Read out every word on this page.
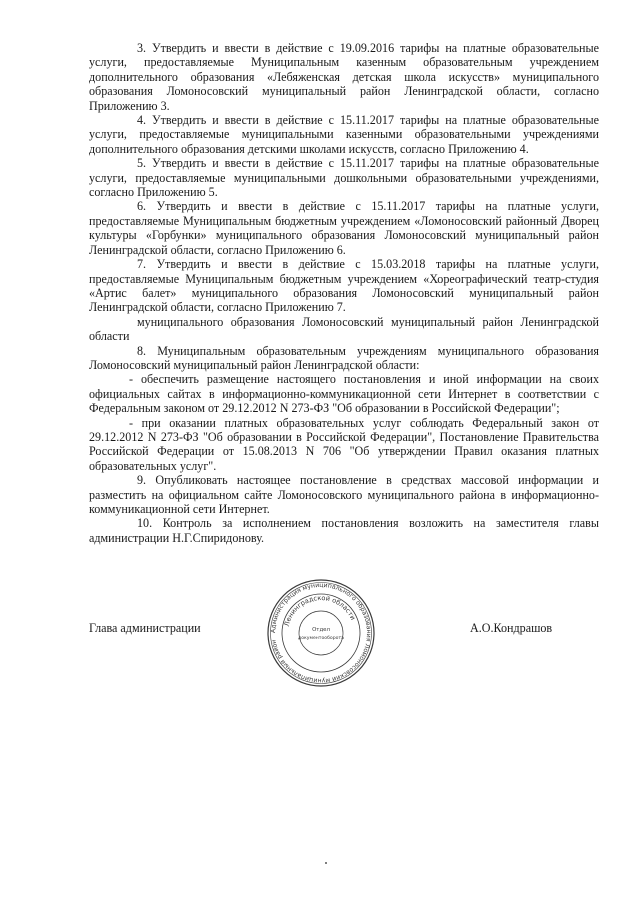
3. Утвердить и ввести в действие с 19.09.2016 тарифы на платные образовательные услуги, предоставляемые Муниципальным казенным образовательным учреждением дополнительного образования «Лебяженская детская школа искусств» муниципального образования Ломоносовский муниципальный район Ленинградской области, согласно Приложению 3.

4. Утвердить и ввести в действие с 15.11.2017 тарифы на платные образовательные услуги, предоставляемые муниципальными казенными образовательными учреждениями дополнительного образования детскими школами искусств, согласно Приложению 4.

5. Утвердить и ввести в действие с 15.11.2017 тарифы на платные образовательные услуги, предоставляемые муниципальными дошкольными образовательными учреждениями, согласно Приложению 5.

6. Утвердить и ввести в действие с 15.11.2017 тарифы на платные услуги, предоставляемые Муниципальным бюджетным учреждением «Ломоносовский районный Дворец культуры «Горбунки» муниципального образования Ломоносовский муниципальный район Ленинградской области, согласно Приложению 6.

7. Утвердить и ввести в действие с 15.03.2018 тарифы на платные услуги, предоставляемые Муниципальным бюджетным учреждением «Хореографический театр-студия «Артис балет» муниципального образования Ломоносовский муниципальный район Ленинградской области, согласно Приложению 7.

муниципального образования Ломоносовский муниципальный район Ленинградской области

8. Муниципальным образовательным учреждениям муниципального образования Ломоносовский муниципальный район Ленинградской области:

- обеспечить размещение настоящего постановления и иной информации на своих официальных сайтах в информационно-коммуникационной сети Интернет в соответствии с Федеральным законом от 29.12.2012 N 273-ФЗ "Об образовании в Российской Федерации";

- при оказании платных образовательных услуг соблюдать Федеральный закон от 29.12.2012 N 273-ФЗ "Об образовании в Российской Федерации", Постановление Правительства Российской Федерации от 15.08.2013 N 706 "Об утверждении Правил оказания платных образовательных услуг".

9. Опубликовать настоящее постановление в средствах массовой информации и разместить на официальном сайте Ломоносовского муниципального района в информационно-коммуникационной сети Интернет.

10. Контроль за исполнением постановления возложить на заместителя главы администрации Н.Г.Спиридонову.

Глава администрации	А.О.Кондрашов
Администрация муниципального образования Ломоносовский муниципальный район
Ленинградской области
Отдел
документооборота
